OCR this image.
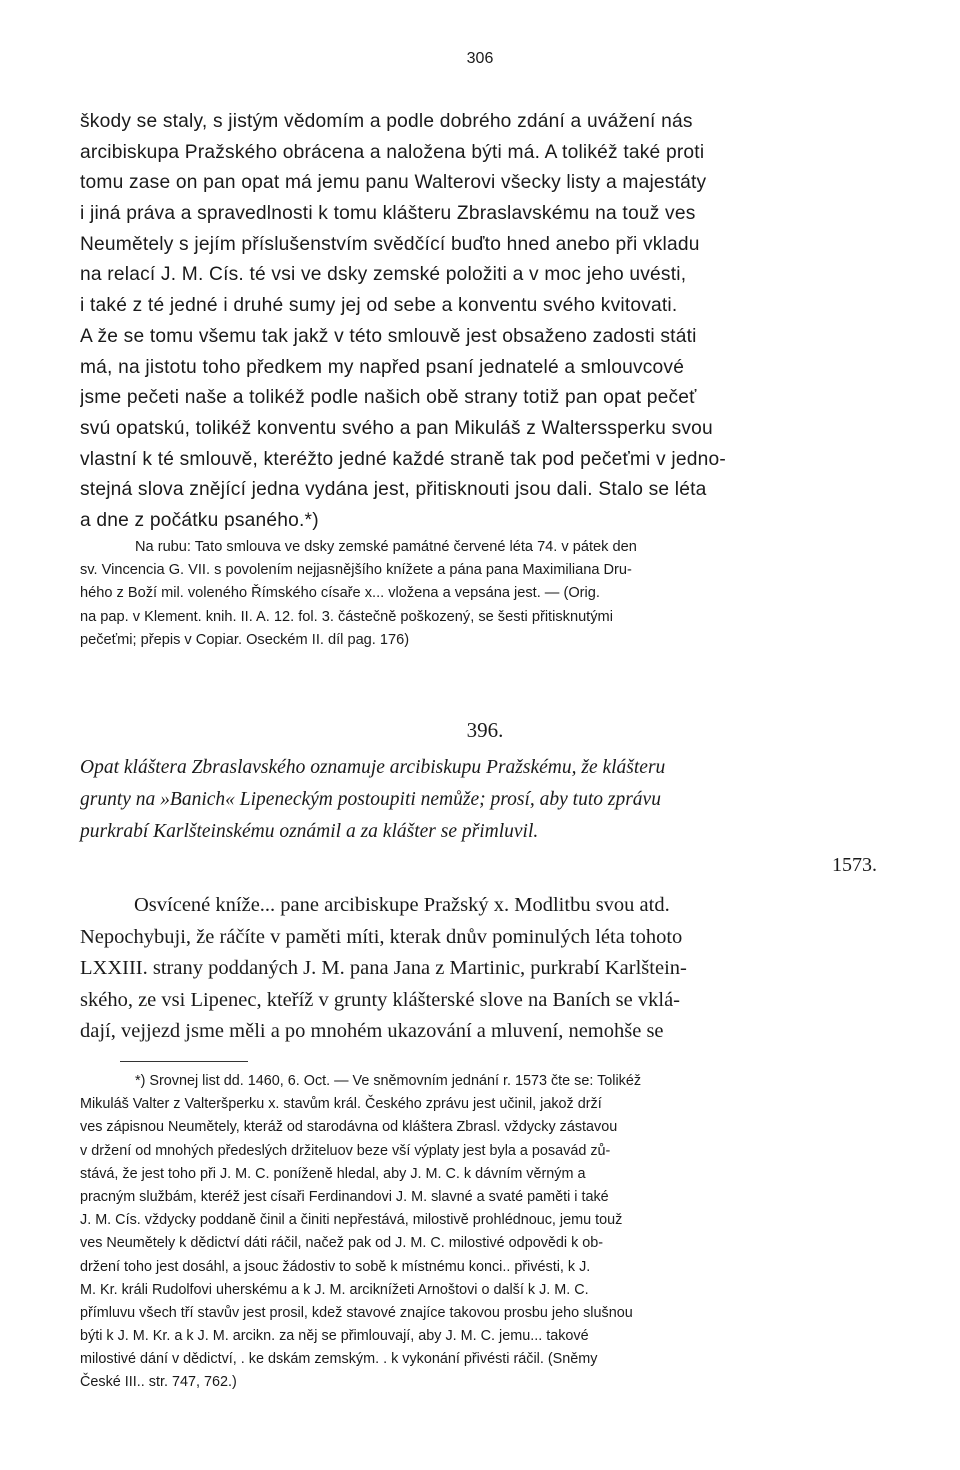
306
škody se staly, s jistým vědomím a podle dobrého zdání a uvážení nás
arcibiskupa Pražského obrácena a naložena býti má. A tolikéž také proti
tomu zase on pan opat má jemu panu Walterovi všecky listy a majestáty
i jiná práva a spravedlnosti k tomu klášteru Zbraslavskému na touž ves
Neumětely s jejím příslušenstvím svědčící buďto hned anebo při vkladu
na relací J. M. Cís. té vsi ve dsky zemské položiti a v moc jeho uvésti,
i také z té jedné i druhé sumy jej od sebe a konventu svého kvitovati.
A že se tomu všemu tak jakž v této smlouvě jest obsaženo zadosti státi
má, na jistotu toho předkem my napřed psaní jednatelé a smlouvcové
jsme pečeti naše a tolikéž podle našich obě strany totiž pan opat pečeť
svú opatskú, tolikéž konventu svého a pan Mikuláš z Walterssperku svou
vlastní k té smlouvě, kteréžto jedné každé straně tak pod pečeťmi v jedno-
stejná slova znějící jedna vydána jest, přitisknouti jsou dali. Stalo se léta
a dne z počátku psaného.*)
Na rubu: Tato smlouva ve dsky zemské památné červené léta 74. v pátek den
sv. Vincencia G. VII. s povolením nejjasnějšího knížete a pána pana Maximiliana Dru-
hého z Boží mil. voleného Římského císaře x... vložena a vepsána jest. — (Orig.
na pap. v Klement. knih. II. A. 12. fol. 3. částečně poškozený, se šesti přitisknutými
pečeťmi; přepis v Copiar. Oseckém II. díl pag. 176)
396.
Opat kláštera Zbraslavského oznamuje arcibiskupu Pražskému, že klášteru grunty na »Banich« Lipeneckým postoupiti nemůže; prosí, aby tuto zprávu purkrabí Karlšteinskému oznámil a za klášter se přimluvil.
1573.
Osvícené kníže... pane arcibiskupe Pražský x. Modlitbu svou atd.
Nepochybuji, že ráčíte v paměti míti, kterak dnův pominulých léta tohoto
LXXIII. strany poddaných J. M. pana Jana z Martinic, purkrabí Karlštein-
ského, ze vsi Lipenec, kteříž v grunty klášterské slove na Baních se vklá-
dají, vejjezd jsme měli a po mnohém ukazování a mluvení, nemohše se
*) Srovnej list dd. 1460, 6. Oct. — Ve sněmovním jednání r. 1573 čte se: Tolikéž
Mikuláš Valter z Valteršperku x. stavům král. Českého zprávu jest učinil, jakož drží
ves zápisnou Neumětely, kteráž od starodávna od kláštera Zbrasl. vždycky zástavou
v držení od mnohých předeslých držiteluov beze vší výplaty jest byla a posavád zů-
stává, že jest toho při J. M. C. poníženě hledal, aby J. M. C. k dávním věrným a
pracným službám, kteréž jest císaři Ferdinandovi J. M. slavné a svaté paměti i také
J. M. Cís. vždycky poddaně činil a činiti nepřestává, milostivě prohlédnouc, jemu touž
ves Neumětely k dědictví dáti ráčil, načež pak od J. M. C. milostivé odpovědi k ob-
držení toho jest dosáhl, a jsouc žádostiv to sobě k místnému konci.. přivésti, k J.
M. Kr. králi Rudolfovi uherskému a k J. M. arciknížeti Arnoštovi o další k J. M. C.
přímluvu všech tří stavův jest prosil, kdež stavové znajíce takovou prosbu jeho slušnou
býti k J. M. Kr. a k J. M. arcikn. za něj se přimlouvají, aby J. M. C. jemu... takové
milostivé dání v dědictví, . ke dskám zemským. . k vykonání přivésti ráčil. (Sněmy
České III.. str. 747, 762.)
